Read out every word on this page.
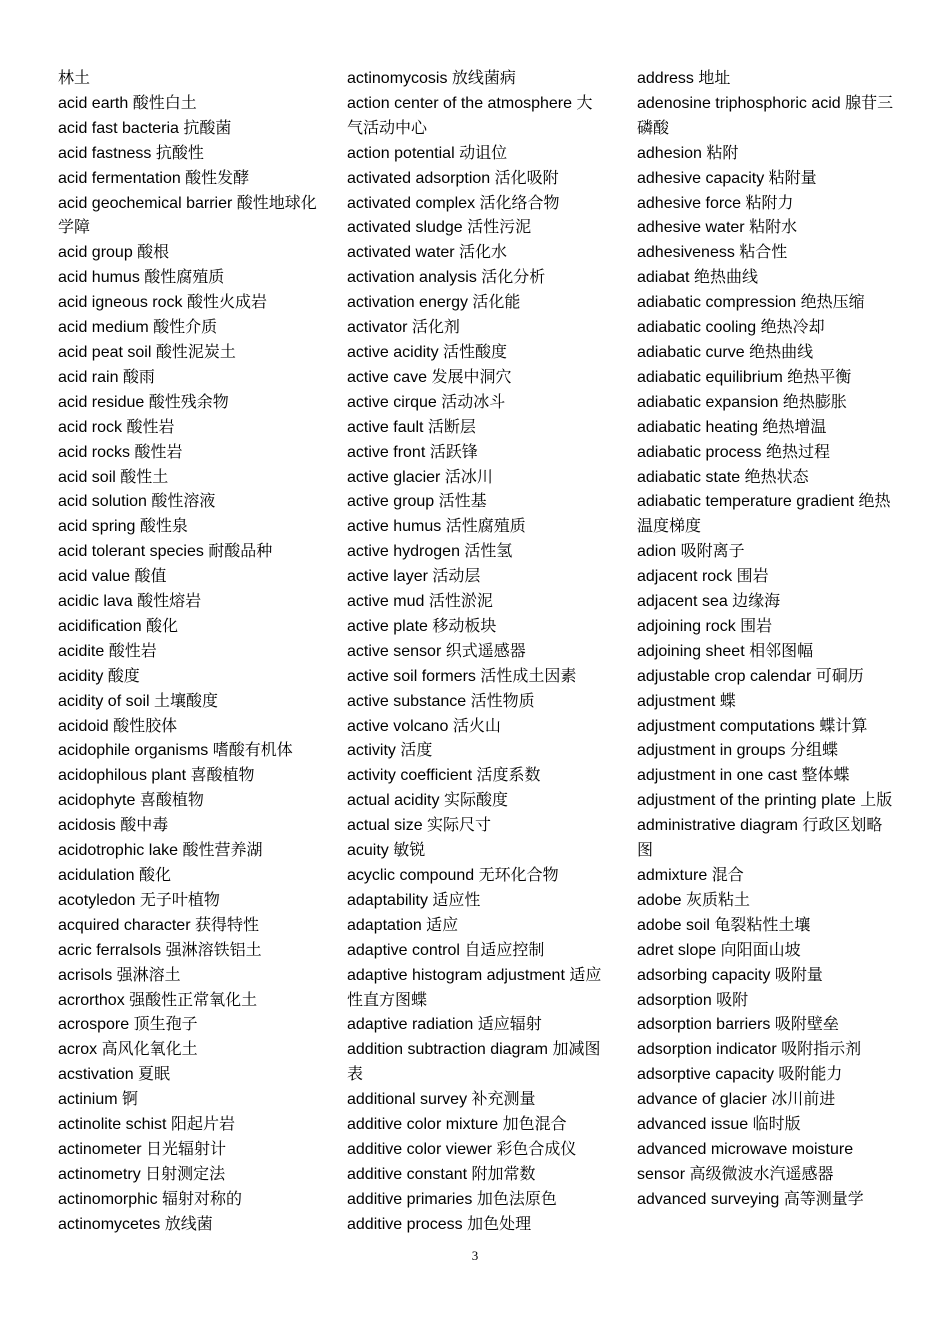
林土

acid earth 酸性白土

acid fast bacteria 抗酸菌

acid fastness 抗酸性

acid fermentation 酸性发酵

acid geochemical barrier 酸性地球化学障

acid group 酸根

acid humus 酸性腐殖质

acid igneous rock 酸性火成岩

acid medium 酸性介质

acid peat soil 酸性泥炭土

acid rain 酸雨

acid residue 酸性残余物

acid rock 酸性岩

acid rocks 酸性岩

acid soil 酸性土

acid solution 酸性溶液

acid spring 酸性泉

acid tolerant species 耐酸品种

acid value 酸值

acidic lava 酸性熔岩

acidification 酸化

acidite 酸性岩

acidity 酸度

acidity of soil 土壤酸度

acidoid 酸性胶体

acidophile organisms 嗜酸有机体

acidophilous plant 喜酸植物

acidophyte 喜酸植物

acidosis 酸中毒

acidotrophic lake 酸性营养湖

acidulation 酸化

acotyledon 无子叶植物

acquired character 获得特性

acric ferralsols 强淋溶铁铝土

acrisols 强淋溶土

acrorthox 强酸性正常氧化土

acrospore 顶生孢子

acrox 高风化氧化土

acstivation 夏眠

actinium 锕

actinolite schist 阳起片岩

actinometer 日光辐射计

actinometry 日射测定法

actinomorphic 辐射对称的

actinomycetes 放线菌

actinomycosis 放线菌病

action center of the atmosphere 大气活动中心

action potential 动诅位

activated adsorption 活化吸附

activated complex 活化络合物

activated sludge 活性污泥

activated water 活化水

activation analysis 活化分析

activation energy 活化能

activator 活化剂

active acidity 活性酸度

active cave 发展中洞穴

active cirque 活动冰斗

active fault 活断层

active front 活跃锋

active glacier 活冰川

active group 活性基

active humus 活性腐殖质

active hydrogen 活性氢

active layer 活动层

active mud 活性淤泥

active plate 移动板块

active sensor 织式遥感器

active soil formers 活性成土因素

active substance 活性物质

active volcano 活火山

activity 活度

activity coefficient 活度系数

actual acidity 实际酸度

actual size 实际尺寸

acuity 敏锐

acyclic compound 无环化合物

adaptability 适应性

adaptation 适应

adaptive control 自适应控制

adaptive histogram adjustment 适应性直方图蝶

adaptive radiation 适应辐射

addition subtraction diagram 加减图表

additional survey 补充测量

additive color mixture 加色混合

additive color viewer 彩色合成仪

additive constant 附加常数

additive primaries 加色法原色

additive process 加色处理

address 地址

adenosine triphosphoric acid 腺苷三磷酸

adhesion 粘附

adhesive capacity 粘附量

adhesive force 粘附力

adhesive water 粘附水

adhesiveness 粘合性

adiabat 绝热曲线

adiabatic compression 绝热压缩

adiabatic cooling 绝热冷却

adiabatic curve 绝热曲线

adiabatic equilibrium 绝热平衡

adiabatic expansion 绝热膨胀

adiabatic heating 绝热增温

adiabatic process 绝热过程

adiabatic state 绝热状态

adiabatic temperature gradient 绝热温度梯度

adion 吸附离子

adjacent rock 围岩

adjacent sea 边缘海

adjoining rock 围岩

adjoining sheet 相邻图幅

adjustable crop calendar 可硐历

adjustment 蝶

adjustment computations 蝶计算

adjustment in groups 分组蝶

adjustment in one cast 整体蝶

adjustment of the printing plate 上版

administrative diagram 行政区划略图

admixture 混合

adobe 灰质粘土

adobe soil 龟裂粘性土壤

adret slope 向阳面山坡

adsorbing capacity 吸附量

adsorption 吸附

adsorption barriers 吸附壁垒

adsorption indicator 吸附指示剂

adsorptive capacity 吸附能力

advance of glacier 冰川前进

advanced issue 临时版

advanced microwave moisture sensor 高级微波水汽遥感器

advanced surveying 高等测量学

3
